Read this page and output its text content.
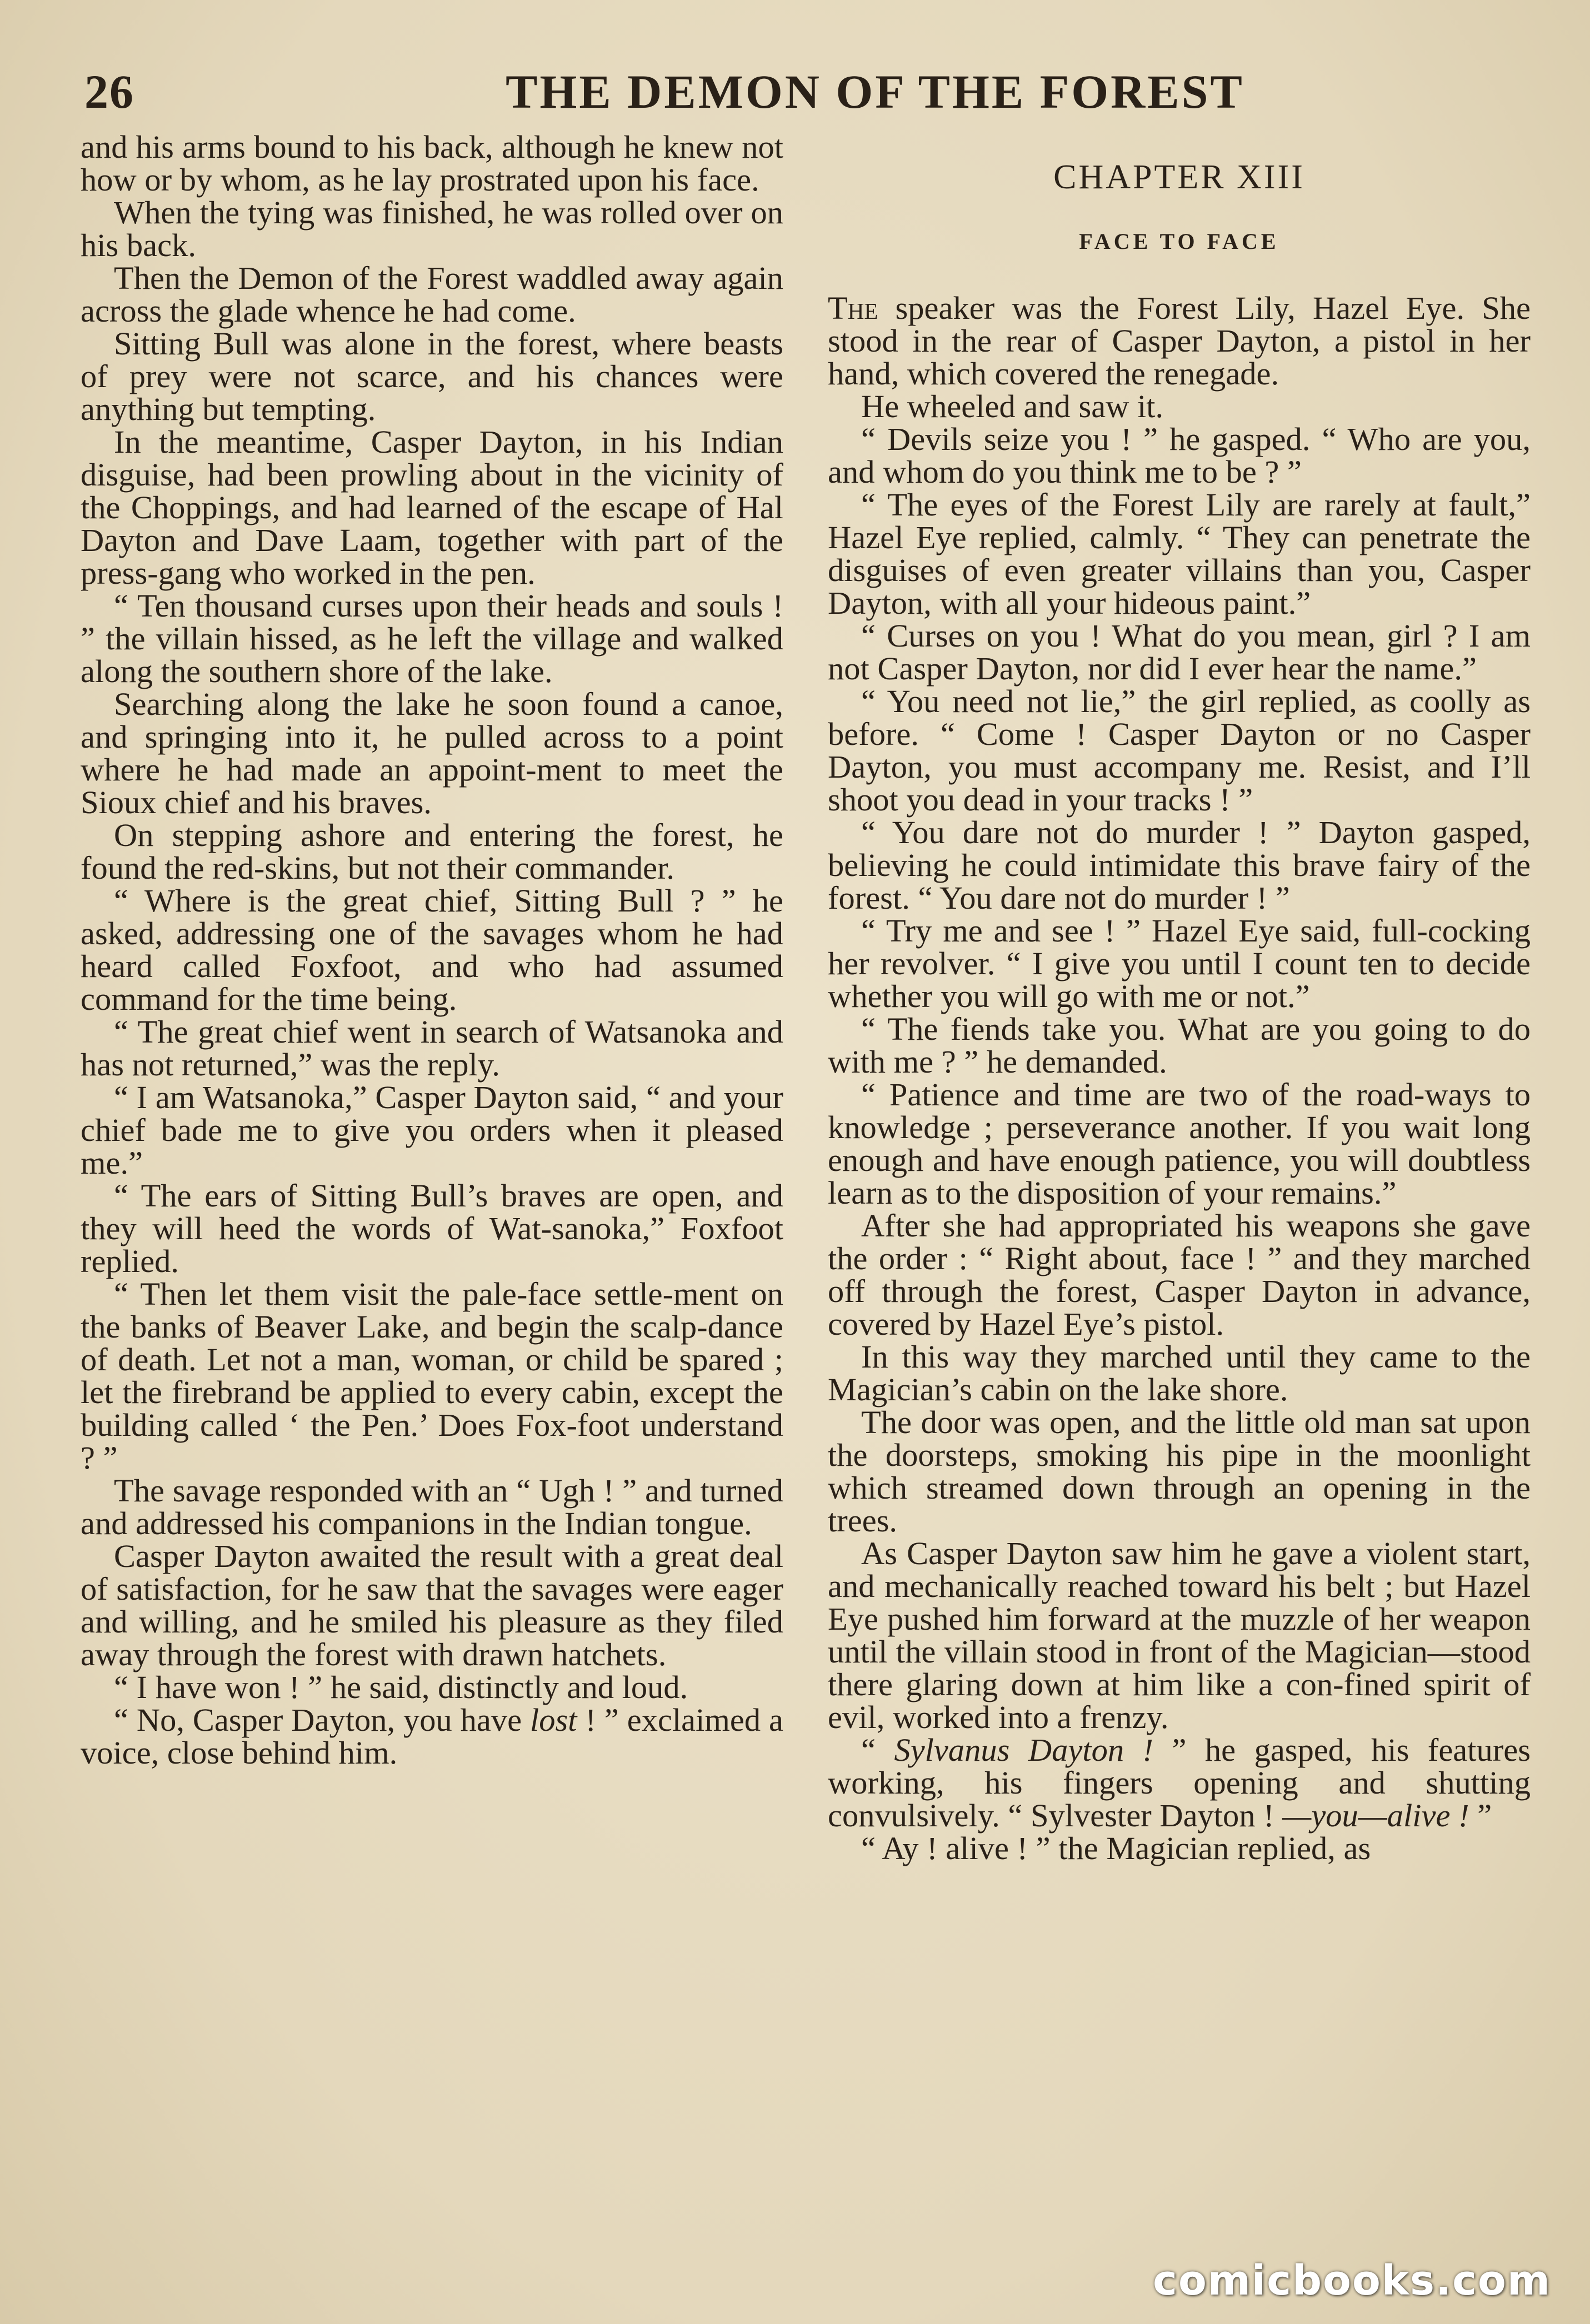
26	THE DEMON OF THE FOREST

and his arms bound to his back, although he knew not how or by whom, as he lay prostrated upon his face.

When the tying was finished, he was rolled over on his back.

Then the Demon of the Forest waddled away again across the glade whence he had come.

Sitting Bull was alone in the forest, where beasts of prey were not scarce, and his chances were anything but tempting.

In the meantime, Casper Dayton, in his Indian disguise, had been prowling about in the vicinity of the Choppings, and had learned of the escape of Hal Dayton and Dave Laam, together with part of the press-gang who worked in the pen.

“ Ten thousand curses upon their heads and souls ! ” the villain hissed, as he left the village and walked along the southern shore of the lake.

Searching along the lake he soon found a canoe, and springing into it, he pulled across to a point where he had made an appoint-ment to meet the Sioux chief and his braves.

On stepping ashore and entering the forest, he found the red-skins, but not their commander.

“ Where is the great chief, Sitting Bull ? ” he asked, addressing one of the savages whom he had heard called Foxfoot, and who had assumed command for the time being.

“ The great chief went in search of Watsanoka and has not returned,” was the reply.

“ I am Watsanoka,” Casper Dayton said, “ and your chief bade me to give you orders when it pleased me.”

“ The ears of Sitting Bull’s braves are open, and they will heed the words of Wat-sanoka,” Foxfoot replied.

“ Then let them visit the pale-face settle-ment on the banks of Beaver Lake, and begin the scalp-dance of death. Let not a man, woman, or child be spared ; let the firebrand be applied to every cabin, except the building called ‘ the Pen.’ Does Fox-foot understand ? ”

The savage responded with an “ Ugh ! ” and turned and addressed his companions in the Indian tongue.

Casper Dayton awaited the result with a great deal of satisfaction, for he saw that the savages were eager and willing, and he smiled his pleasure as they filed away through the forest with drawn hatchets.

“ I have won ! ” he said, distinctly and loud.

“ No, Casper Dayton, you have lost ! ” exclaimed a voice, close behind him.

CHAPTER XIII
FACE TO FACE

The speaker was the Forest Lily, Hazel Eye. She stood in the rear of Casper Dayton, a pistol in her hand, which covered the renegade.

He wheeled and saw it.

“ Devils seize you ! ” he gasped. “ Who are you, and whom do you think me to be ? ”

“ The eyes of the Forest Lily are rarely at fault,” Hazel Eye replied, calmly. “ They can penetrate the disguises of even greater villains than you, Casper Dayton, with all your hideous paint.”

“ Curses on you ! What do you mean, girl ? I am not Casper Dayton, nor did I ever hear the name.”

“ You need not lie,” the girl replied, as coolly as before. “ Come ! Casper Dayton or no Casper Dayton, you must accompany me. Resist, and I’ll shoot you dead in your tracks ! ”

“ You dare not do murder ! ” Dayton gasped, believing he could intimidate this brave fairy of the forest. “ You dare not do murder ! ”

“ Try me and see ! ” Hazel Eye said, full-cocking her revolver. “ I give you until I count ten to decide whether you will go with me or not.”

“ The fiends take you. What are you going to do with me ? ” he demanded.

“ Patience and time are two of the road-ways to knowledge ; perseverance another. If you wait long enough and have enough patience, you will doubtless learn as to the disposition of your remains.”

After she had appropriated his weapons she gave the order : “ Right about, face ! ” and they marched off through the forest, Casper Dayton in advance, covered by Hazel Eye’s pistol.

In this way they marched until they came to the Magician’s cabin on the lake shore.

The door was open, and the little old man sat upon the doorsteps, smoking his pipe in the moonlight which streamed down through an opening in the trees.

As Casper Dayton saw him he gave a violent start, and mechanically reached toward his belt ; but Hazel Eye pushed him forward at the muzzle of her weapon until the villain stood in front of the Magician—stood there glaring down at him like a con-fined spirit of evil, worked into a frenzy.

“ Sylvanus Dayton ! ” he gasped, his features working, his fingers opening and shutting convulsively. “ Sylvester Dayton ! —you—alive ! ”

“ Ay ! alive ! ” the Magician replied, as

comicbooks.com
